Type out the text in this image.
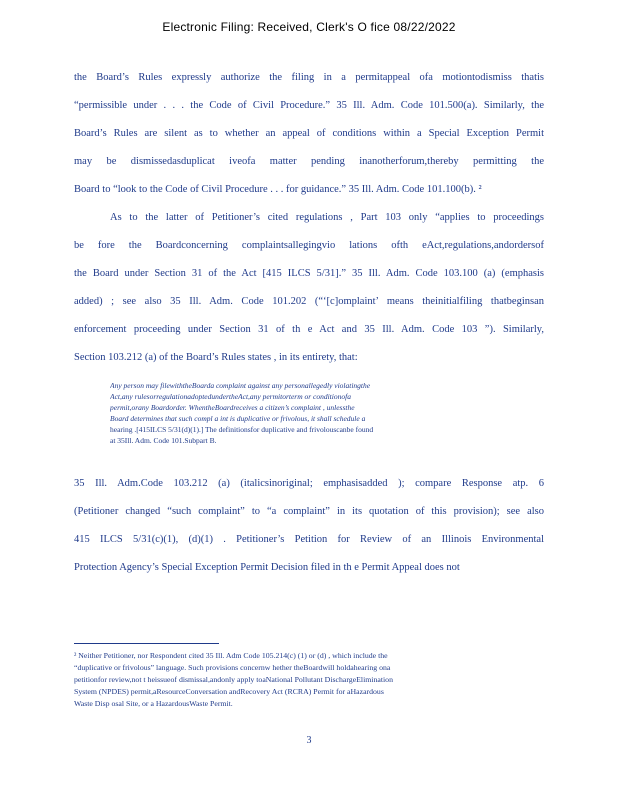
Electronic Filing: Received, Clerk's O fice 08/22/2022
the Board’s Rules expressly authorize the filing in a permitappeal ofa motiontodismiss thatis
“permissible under . . . the Code of Civil Procedure.” 35 Ill. Adm. Code 101.500(a). Similarly, the
Board’s Rules are silent as to whether an appeal of conditions within a Special Exception Permit
may be dismissedasduplicat iveofa matter pending inanotherforum,thereby permitting the
Board to “look to the Code of Civil Procedure . . . for guidance.” 35 Ill. Adm. Code 101.100(b). ²
As to the latter of Petitioner’s cited regulations , Part 103 only “applies to proceedings
be fore the Boardconcerning complaintsallegingvio lations ofth eAct,regulations,andordersof
the Board under Section 31 of the Act [415 ILCS 5/31].” 35 Ill. Adm. Code 103.100 (a) (emphasis
added) ; see also 35 Ill. Adm. Code 101.202 (“‘[c]omplaint’ means theinitialfiling thatbeginsan
enforcement proceeding under Section 31 of th e Act and 35 Ill. Adm. Code 103 ”). Similarly,
Section 103.212 (a) of the Board’s Rules states , in its entirety, that:
Any person may filewiththeBoarda complaint against any personallegedly violatingthe
Act,any rulesorregulationadoptedundertheAct,any permitorterm or conditionofa
permit,orany Boardorder. WhentheBoardreceives a citizen’s complaint , unlessthe
Board determines that such compl a int is duplicative or frivolous, it shall schedule a
hearing .[415ILCS 5/31(d)(1).] The definitionsfor duplicative and frivolouscanbe found
at 35Ill. Adm. Code 101.Subpart B.
35 Ill. Adm.Code 103.212 (a) (italicsinoriginal; emphasisadded ); compare Response atp. 6
(Petitioner changed “such complaint” to “a complaint” in its quotation of this provision); see also
415 ILCS 5/31(c)(1), (d)(1) . Petitioner’s Petition for Review of an Illinois Environmental
Protection Agency’s Special Exception Permit Decision filed in th e Permit Appeal does not
² Neither Petitioner, nor Respondent cited 35 Ill. Adm Code 105.214(c) (1) or (d) , which include the
“duplicative or frivolous” language. Such provisions concernw hether theBoardwill holdahearing ona
petitionfor review,not t heissueof dismissal,andonly apply toaNational Pollutant DischargeElimination
System (NPDES) permit,aResourceConversation andRecovery Act (RCRA) Permit for aHazardous
Waste Disp osal Site, or a HazardousWaste Permit.
3
